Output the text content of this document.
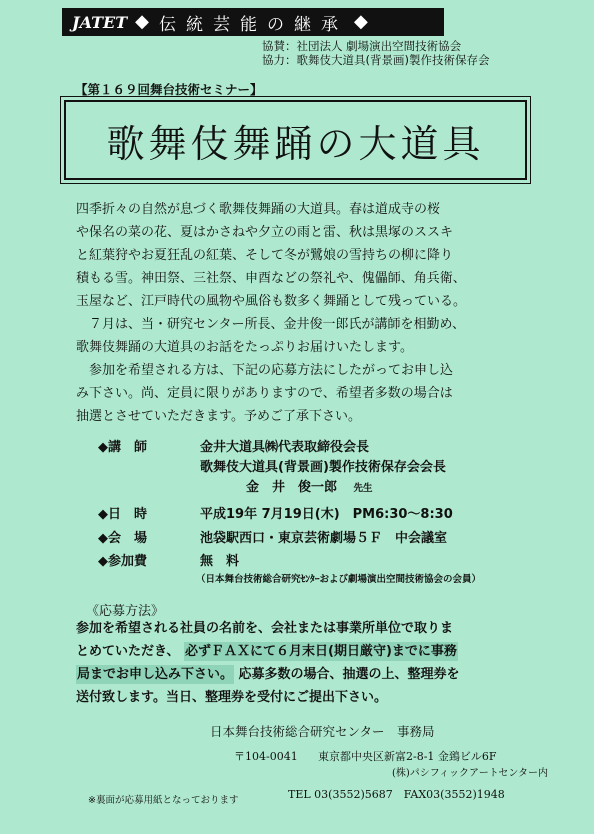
JATET ◆ 伝統芸能の継承 ◆
協賛：社団法人 劇場演出空間技術協会
協力：歌舞伎大道具(背景画)製作技術保存会
【第１６９回舞台技術セミナー】
歌舞伎舞踊の大道具
四季折々の自然が息づく歌舞伎舞踊の大道具。春は道成寺の桜
や保名の菜の花、夏はかさねや夕立の雨と雷、秋は黒塚のススキ
と紅葉狩やお夏狂乱の紅葉、そして冬が鷺娘の雪持ちの柳に降り
積もる雪。神田祭、三社祭、申酉などの祭礼や、傀儡師、角兵衛、
玉屋など、江戸時代の風物や風俗も数多く舞踊として残っている。
　７月は、当・研究センター所長、金井俊一郎氏が講師を相勤め、
歌舞伎舞踊の大道具のお話をたっぷりお届けいたします。
　参加を希望される方は、下記の応募方法にしたがってお申し込
み下さい。尚、定員に限りがありますので、希望者多数の場合は
抽選とさせていただきます。予めご了承下さい。
◆講　師	金井大道具㈱代表取締役会長
歌舞伎大道具(背景画)製作技術保存会会長
金　井　俊一郎 先生
◆日　時	平成19年 7月19日(木)　PM6:30～8:30
◆会　場	池袋駅西口・東京芸術劇場５Ｆ　中会議室
◆参加費	無　料
（日本舞台技術総合研究ｾﾝﾀｰおよび劇場演出空間技術協会の会員）
《応募方法》
参加を希望される社員の名前を、会社または事業所単位で取りま
とめていただき、 必ずＦＡＸにて６月末日(期日厳守)までに事務
局までお申し込み下さい。 応募多数の場合、抽選の上、整理券を
送付致します。当日、整理券を受付にご提出下さい。
日本舞台技術総合研究センター　事務局
〒104-0041 東京都中央区新富2-8-1 金鵄ビル6F
(株)パシフィックアートセンター内
※裏面が応募用紙となっております	TEL 03(3552)5687　FAX03(3552)1948
